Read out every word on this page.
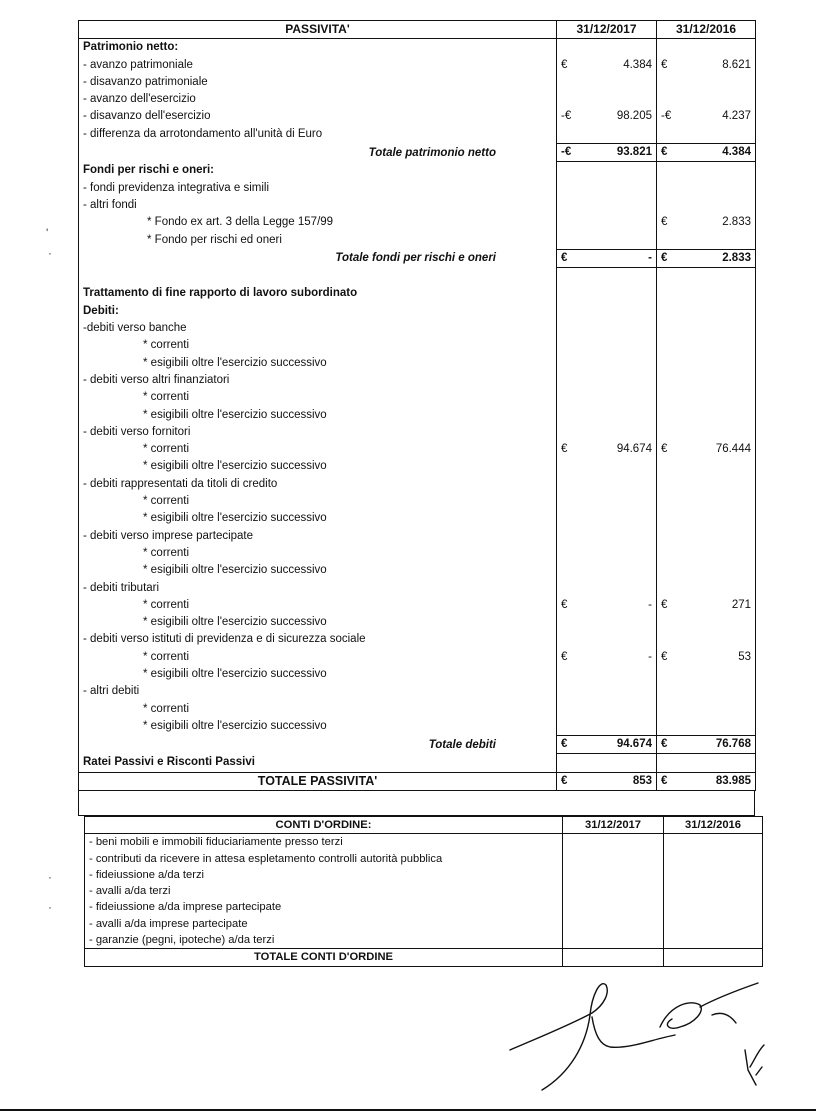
PASSIVITA'	31/12/2017	31/12/2016
Patrimonio netto:		
- avanzo patrimoniale	€ 4.384	€ 8.621

- disavanzo patrimoniale		
- avanzo dell'esercizio		
- disavanzo dell'esercizio	-€ 98.205	-€ 4.237

- differenza da arrotondamento all'unità di Euro		
Totale patrimonio netto	-€ 93.821	€ 4.384

Fondi per rischi e oneri:		
- fondi previdenza integrativa e simili		
- altri fondi		
* Fondo ex art. 3 della Legge 157/99		€ 2.833

* Fondo per rischi ed oneri		
Totale fondi per rischi e oneri	€ -	€ 2.833

Trattamento di fine rapporto di lavoro subordinato		
Debiti:		
-debiti verso banche		
* correnti		
* esigibili oltre l'esercizio successivo		
- debiti verso altri finanziatori		
* correnti		
* esigibili oltre l'esercizio successivo		
- debiti verso fornitori		
* correnti	€ 94.674	€ 76.444

* esigibili oltre l'esercizio successivo		
- debiti rappresentati da titoli di credito		
* correnti		
* esigibili oltre l'esercizio successivo		
- debiti verso imprese partecipate		
* correnti		
* esigibili oltre l'esercizio successivo		
- debiti tributari		
* correnti	€ -	€ 271

* esigibili oltre l'esercizio successivo		
- debiti verso istituti di previdenza e di sicurezza sociale		
* correnti	€ -	€ 53

* esigibili oltre l'esercizio successivo		
- altri debiti		
* correnti		
* esigibili oltre l'esercizio successivo		
Totale debiti	€ 94.674	€ 76.768

Ratei Passivi e Risconti Passivi		
TOTALE PASSIVITA'	€ 853	€ 83.985
CONTI D'ORDINE:	31/12/2017	31/12/2016
- beni mobili e immobili fiduciariamente presso terzi		
- contributi da ricevere in attesa espletamento controlli autorità pubblica		
- fideiussione a/da terzi		
- avalli a/da terzi		
- fideiussione a/da imprese partecipate		
- avalli a/da imprese partecipate		
- garanzie (pegni, ipoteche) a/da terzi		
TOTALE CONTI D'ORDINE		
'
·
·
·
